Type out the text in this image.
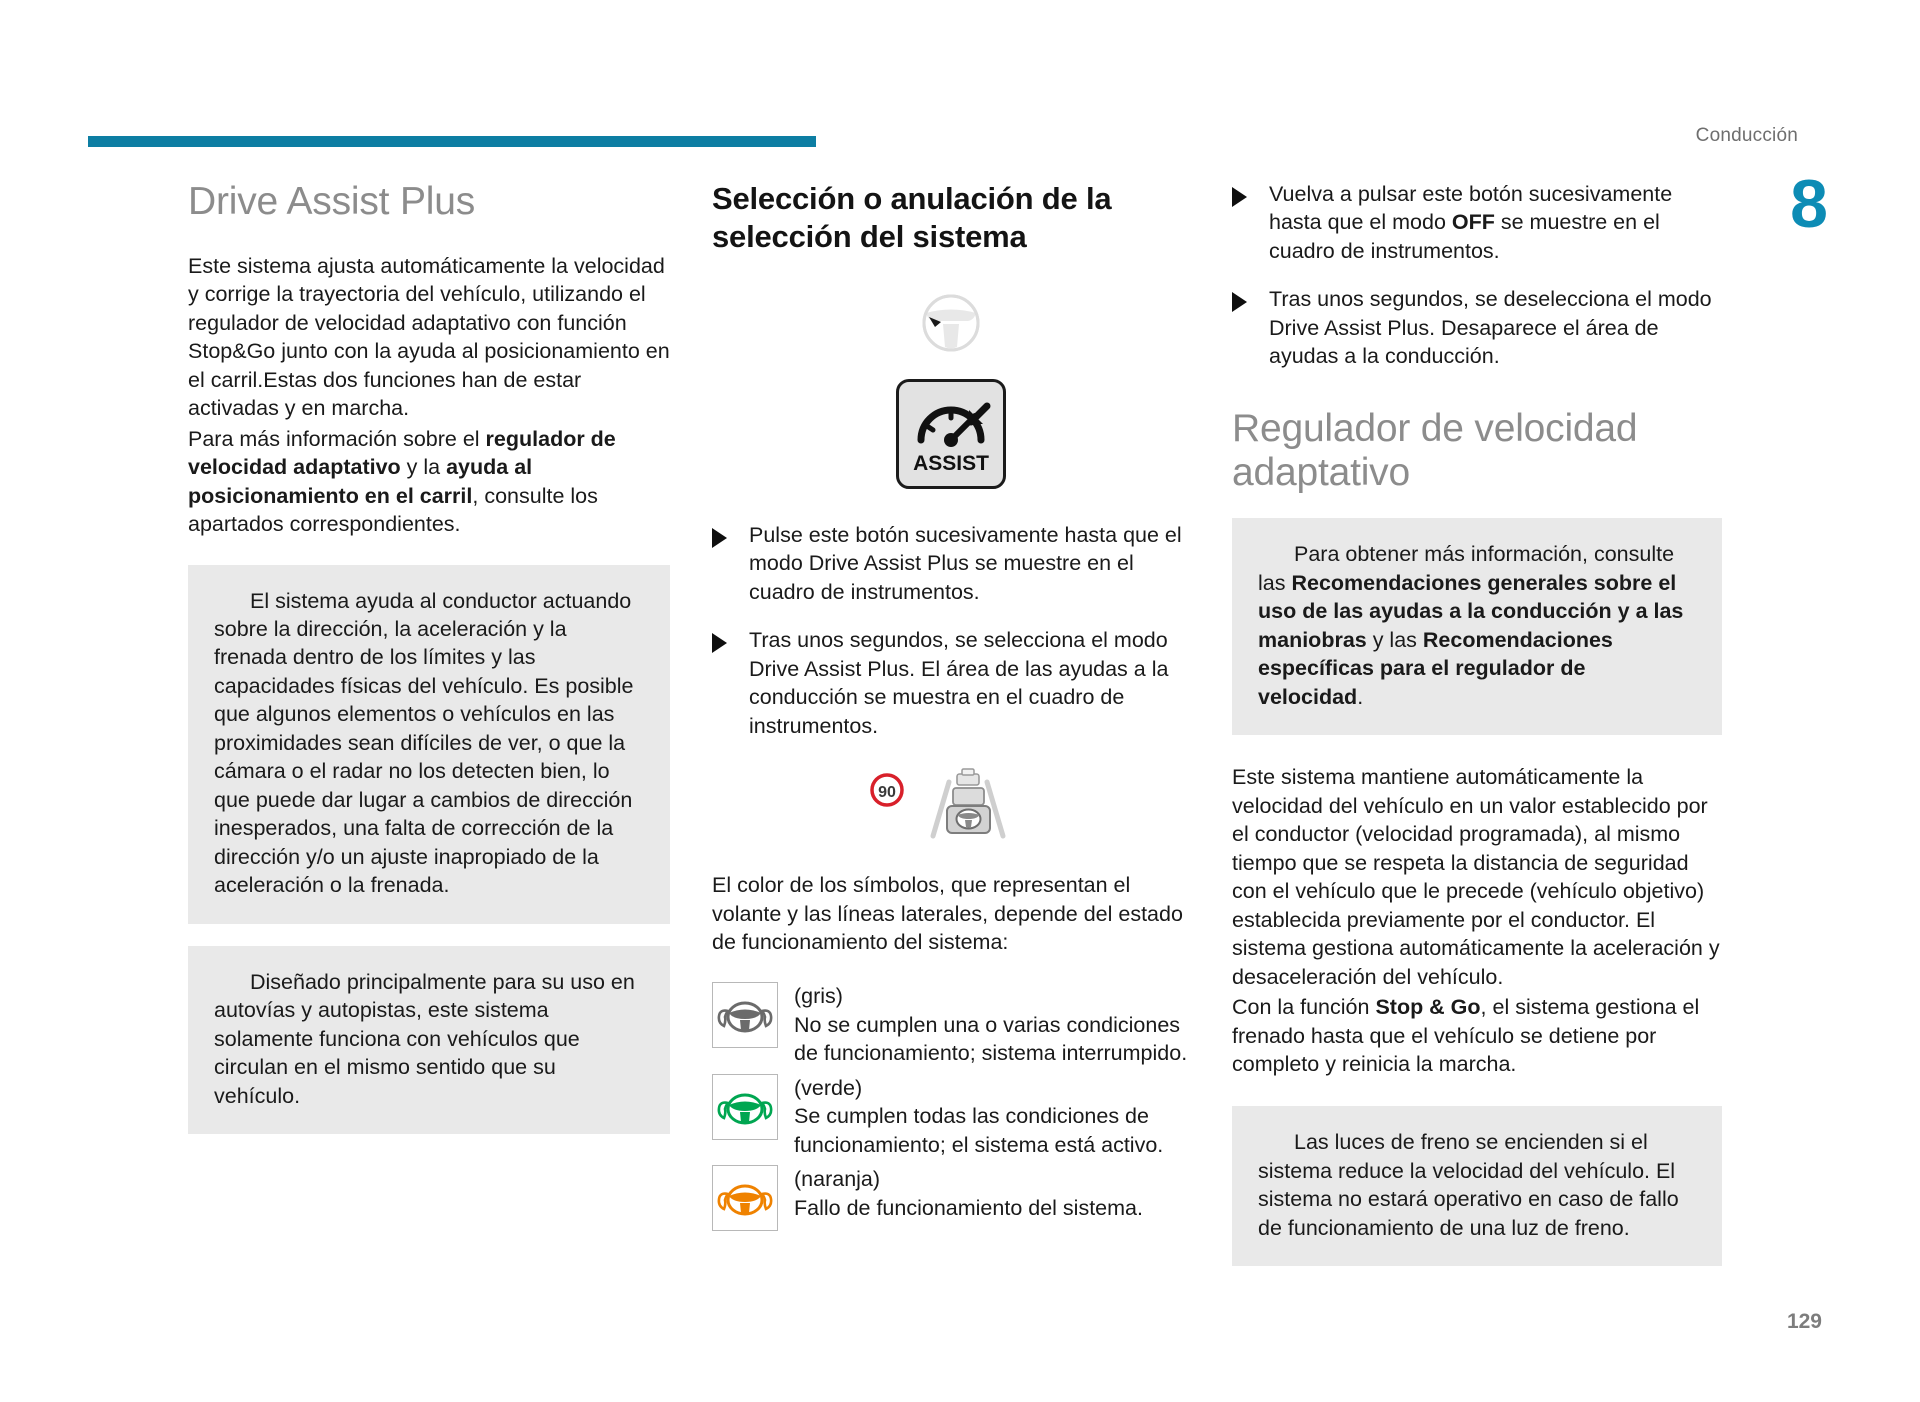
Conducción
8
129
Drive Assist Plus

Este sistema ajusta automáticamente la velocidad y corrige la trayectoria del vehículo, utilizando el regulador de velocidad adaptativo con función Stop&Go junto con la ayuda al posicionamiento en el carril.Estas dos funciones han de estar activadas y en marcha.

Para más información sobre el regulador de velocidad adaptativo y la ayuda al posicionamiento en el carril, consulte los apartados correspondientes.

El sistema ayuda al conductor actuando sobre la dirección, la aceleración y la frenada dentro de los límites y las capacidades físicas del vehículo. Es posible que algunos elementos o vehículos en las proximidades sean difíciles de ver, o que la cámara o el radar no los detecten bien, lo que puede dar lugar a cambios de dirección inesperados, una falta de corrección de la dirección y/o un ajuste inapropiado de la aceleración o la frenada.

Diseñado principalmente para su uso en autovías y autopistas, este sistema solamente funciona con vehículos que circulan en el mismo sentido que su vehículo.

Selección o anulación de la selección del sistema
ASSIST
Pulse este botón sucesivamente hasta que el modo Drive Assist Plus se muestre en el cuadro de instrumentos.
Tras unos segundos, se selecciona el modo Drive Assist Plus. El área de las ayudas a la conducción se muestra en el cuadro de instrumentos.
90

El color de los símbolos, que representan el volante y las líneas laterales, depende del estado de funcionamiento del sistema:

(gris)
No se cumplen una o varias condiciones de funcionamiento; sistema interrumpido.
(verde)
Se cumplen todas las condiciones de funcionamiento; el sistema está activo.
(naranja)
Fallo de funcionamiento del sistema.
Vuelva a pulsar este botón sucesivamente hasta que el modo OFF se muestre en el cuadro de instrumentos.
Tras unos segundos, se deselecciona el modo Drive Assist Plus. Desaparece el área de ayudas a la conducción.
Regulador de velocidad adaptativo

Para obtener más información, consulte las Recomendaciones generales sobre el uso de las ayudas a la conducción y a las maniobras y las Recomendaciones específicas para el regulador de velocidad.

Este sistema mantiene automáticamente la velocidad del vehículo en un valor establecido por el conductor (velocidad programada), al mismo tiempo que se respeta la distancia de seguridad con el vehículo que le precede (vehículo objetivo) establecida previamente por el conductor. El sistema gestiona automáticamente la aceleración y desaceleración del vehículo.

Con la función Stop & Go, el sistema gestiona el frenado hasta que el vehículo se detiene por completo y reinicia la marcha.

Las luces de freno se encienden si el sistema reduce la velocidad del vehículo. El sistema no estará operativo en caso de fallo de funcionamiento de una luz de freno.
